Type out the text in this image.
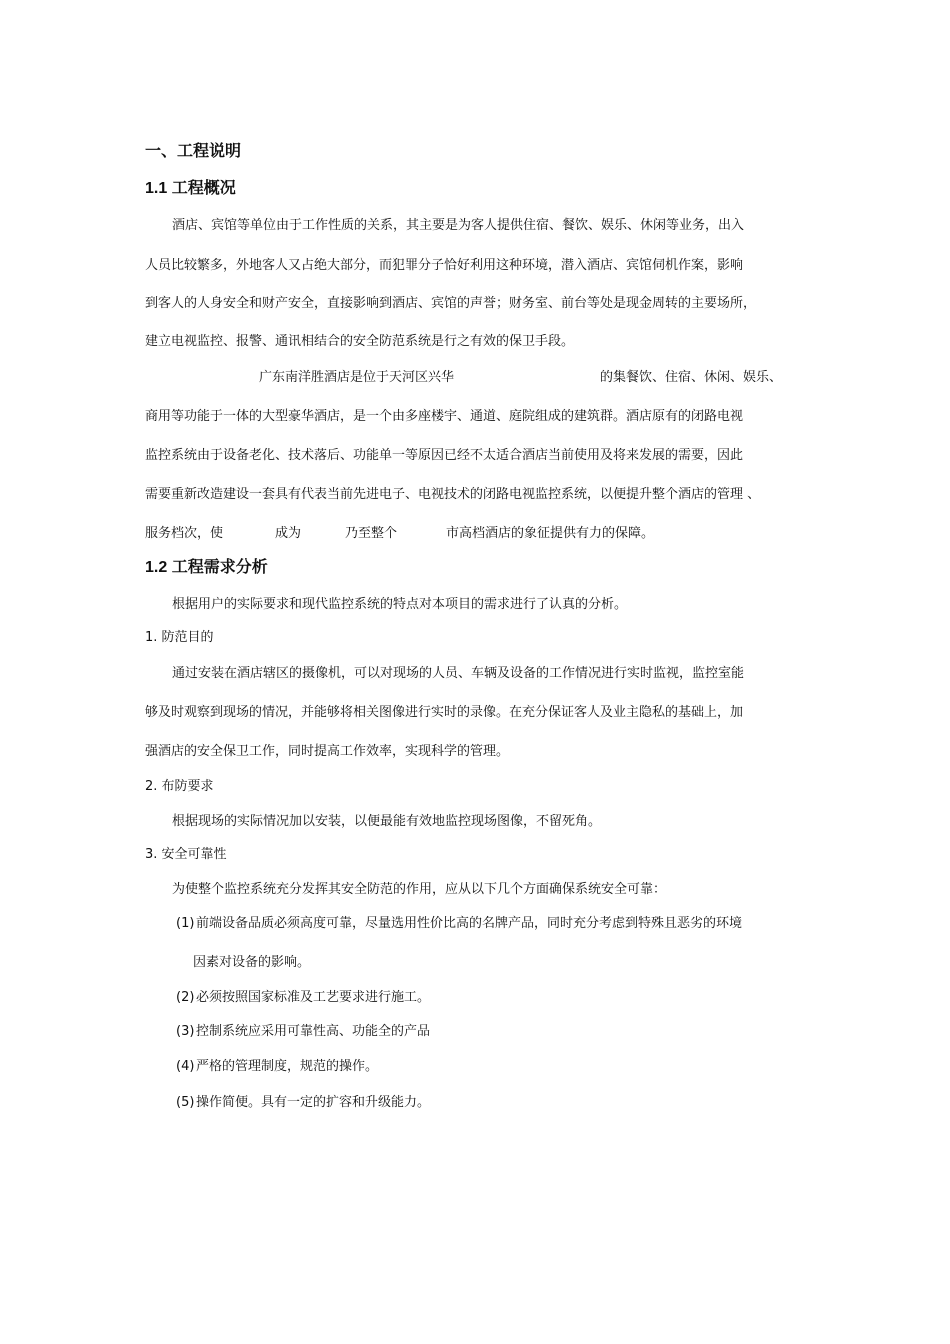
一、工程说明
1.1 工程概况
酒店、宾馆等单位由于工作性质的关系，其主要是为客人提供住宿、餐饮、娱乐、休闲等业务，出入
人员比较繁多，外地客人又占绝大部分，而犯罪分子恰好利用这种环境，潜入酒店、宾馆伺机作案，影响
到客人的人身安全和财产安全，直接影响到酒店、宾馆的声誉；财务室、前台等处是现金周转的主要场所，
建立电视监控、报警、通讯相结合的安全防范系统是行之有效的保卫手段。
广东南洋胜酒店是位于天河区兴华	的集餐饮、住宿、休闲、娱乐、
商用等功能于一体的大型豪华酒店，是一个由多座楼宇、通道、庭院组成的建筑群。酒店原有的闭路电视
监控系统由于设备老化、技术落后、功能单一等原因已经不太适合酒店当前使用及将来发展的需要，因此
需要重新改造建设一套具有代表当前先进电子、电视技术的闭路电视监控系统，以便提升整个酒店的管理 、
服务档次，使	成为	乃至整个	市高档酒店的象征提供有力的保障。
1.2 工程需求分析
根据用户的实际要求和现代监控系统的特点对本项目的需求进行了认真的分析。
1. 防范目的
通过安装在酒店辖区的摄像机，可以对现场的人员、车辆及设备的工作情况进行实时监视，监控室能
够及时观察到现场的情况，并能够将相关图像进行实时的录像。在充分保证客人及业主隐私的基础上，加
强酒店的安全保卫工作，同时提高工作效率，实现科学的管理。
2. 布防要求
根据现场的实际情况加以安装，以便最能有效地监控现场图像，不留死角。
3. 安全可靠性
为使整个监控系统充分发挥其安全防范的作用，应从以下几个方面确保系统安全可靠：
(1) 前端设备品质必须高度可靠，尽量选用性价比高的名牌产品，同时充分考虑到特殊且恶劣的环境
因素对设备的影响。
(2) 必须按照国家标准及工艺要求进行施工。
(3) 控制系统应采用可靠性高、功能全的产品
(4) 严格的管理制度，规范的操作。
(5) 操作简便。具有一定的扩容和升级能力。
